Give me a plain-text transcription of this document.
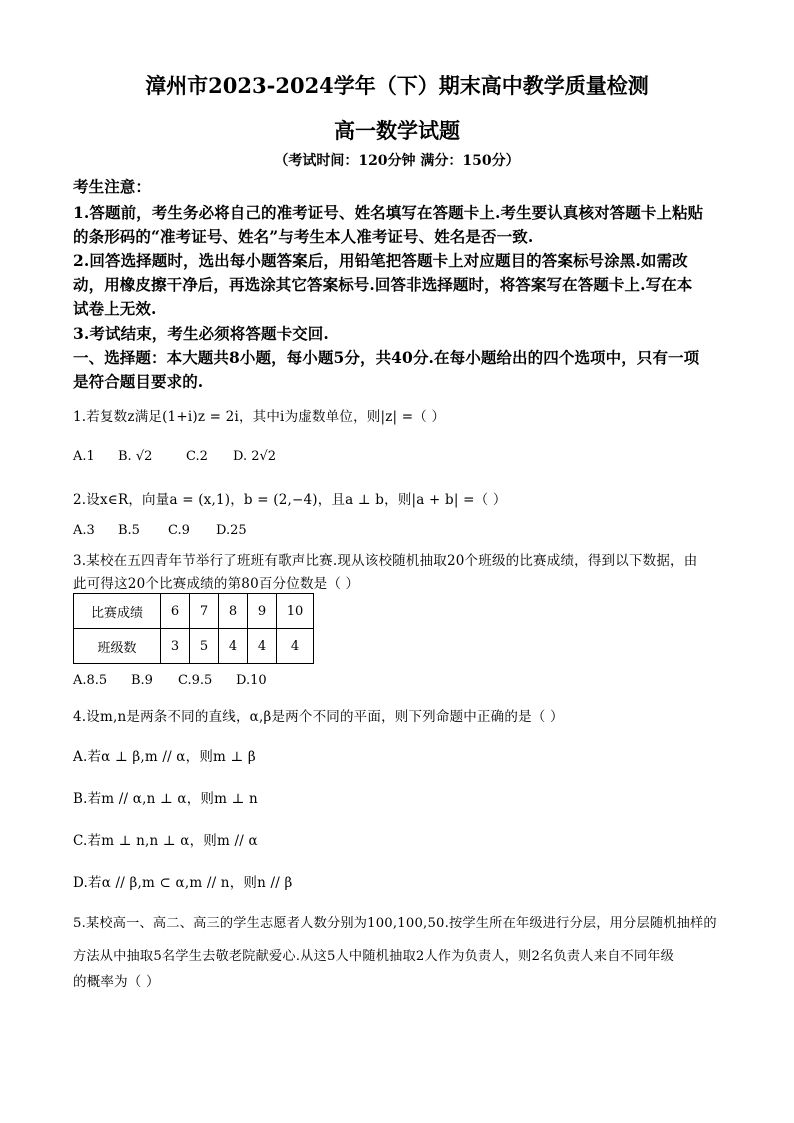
漳州市2023-2024学年（下）期末高中教学质量检测
高一数学试题
（考试时间：120分钟 满分：150分）
考生注意：
1.答题前，考生务必将自己的准考证号、姓名填写在答题卡上.考生要认真核对答题卡上粘贴
的条形码的“准考证号、姓名”与考生本人准考证号、姓名是否一致.
2.回答选择题时，选出每小题答案后，用铅笔把答题卡上对应题目的答案标号涂黑.如需改
动，用橡皮擦干净后，再选涂其它答案标号.回答非选择题时，将答案写在答题卡上.写在本
试卷上无效.
3.考试结束，考生必须将答题卡交回.
一、选择题：本大题共8小题，每小题5分，共40分.在每小题给出的四个选项中，只有一项
是符合题目要求的.
1.若复数z满足(1+i)z = 2i，其中i为虚数单位，则|z| =（ ）
A.1 B. √2	C.2 D. 2√2
2.设x∈R，向量a = (x,1)，b = (2,−4)，且a ⊥ b，则|a + b| =（ ）
A.3 B.5 C.9 D.25
3.某校在五四青年节举行了班班有歌声比赛.现从该校随机抽取20个班级的比赛成绩，得到以下数据，由
此可得这20个比赛成绩的第80百分位数是（ ）
比赛成绩	6	7	8	9	10
班级数	3	5	4	4	4
A.8.5 B.9 C.9.5 D.10
4.设m,n是两条不同的直线，α,β是两个不同的平面，则下列命题中正确的是（ ）
A.若α ⊥ β,m // α，则m ⊥ β
B.若m // α,n ⊥ α，则m ⊥ n
C.若m ⊥ n,n ⊥ α，则m // α
D.若α // β,m ⊂ α,m // n，则n // β
5.某校高一、高二、高三的学生志愿者人数分别为100,100,50.按学生所在年级进行分层，用分层随机抽样的
方法从中抽取5名学生去敬老院献爱心.从这5人中随机抽取2人作为负责人，则2名负责人来自不同年级
的概率为（ ）
